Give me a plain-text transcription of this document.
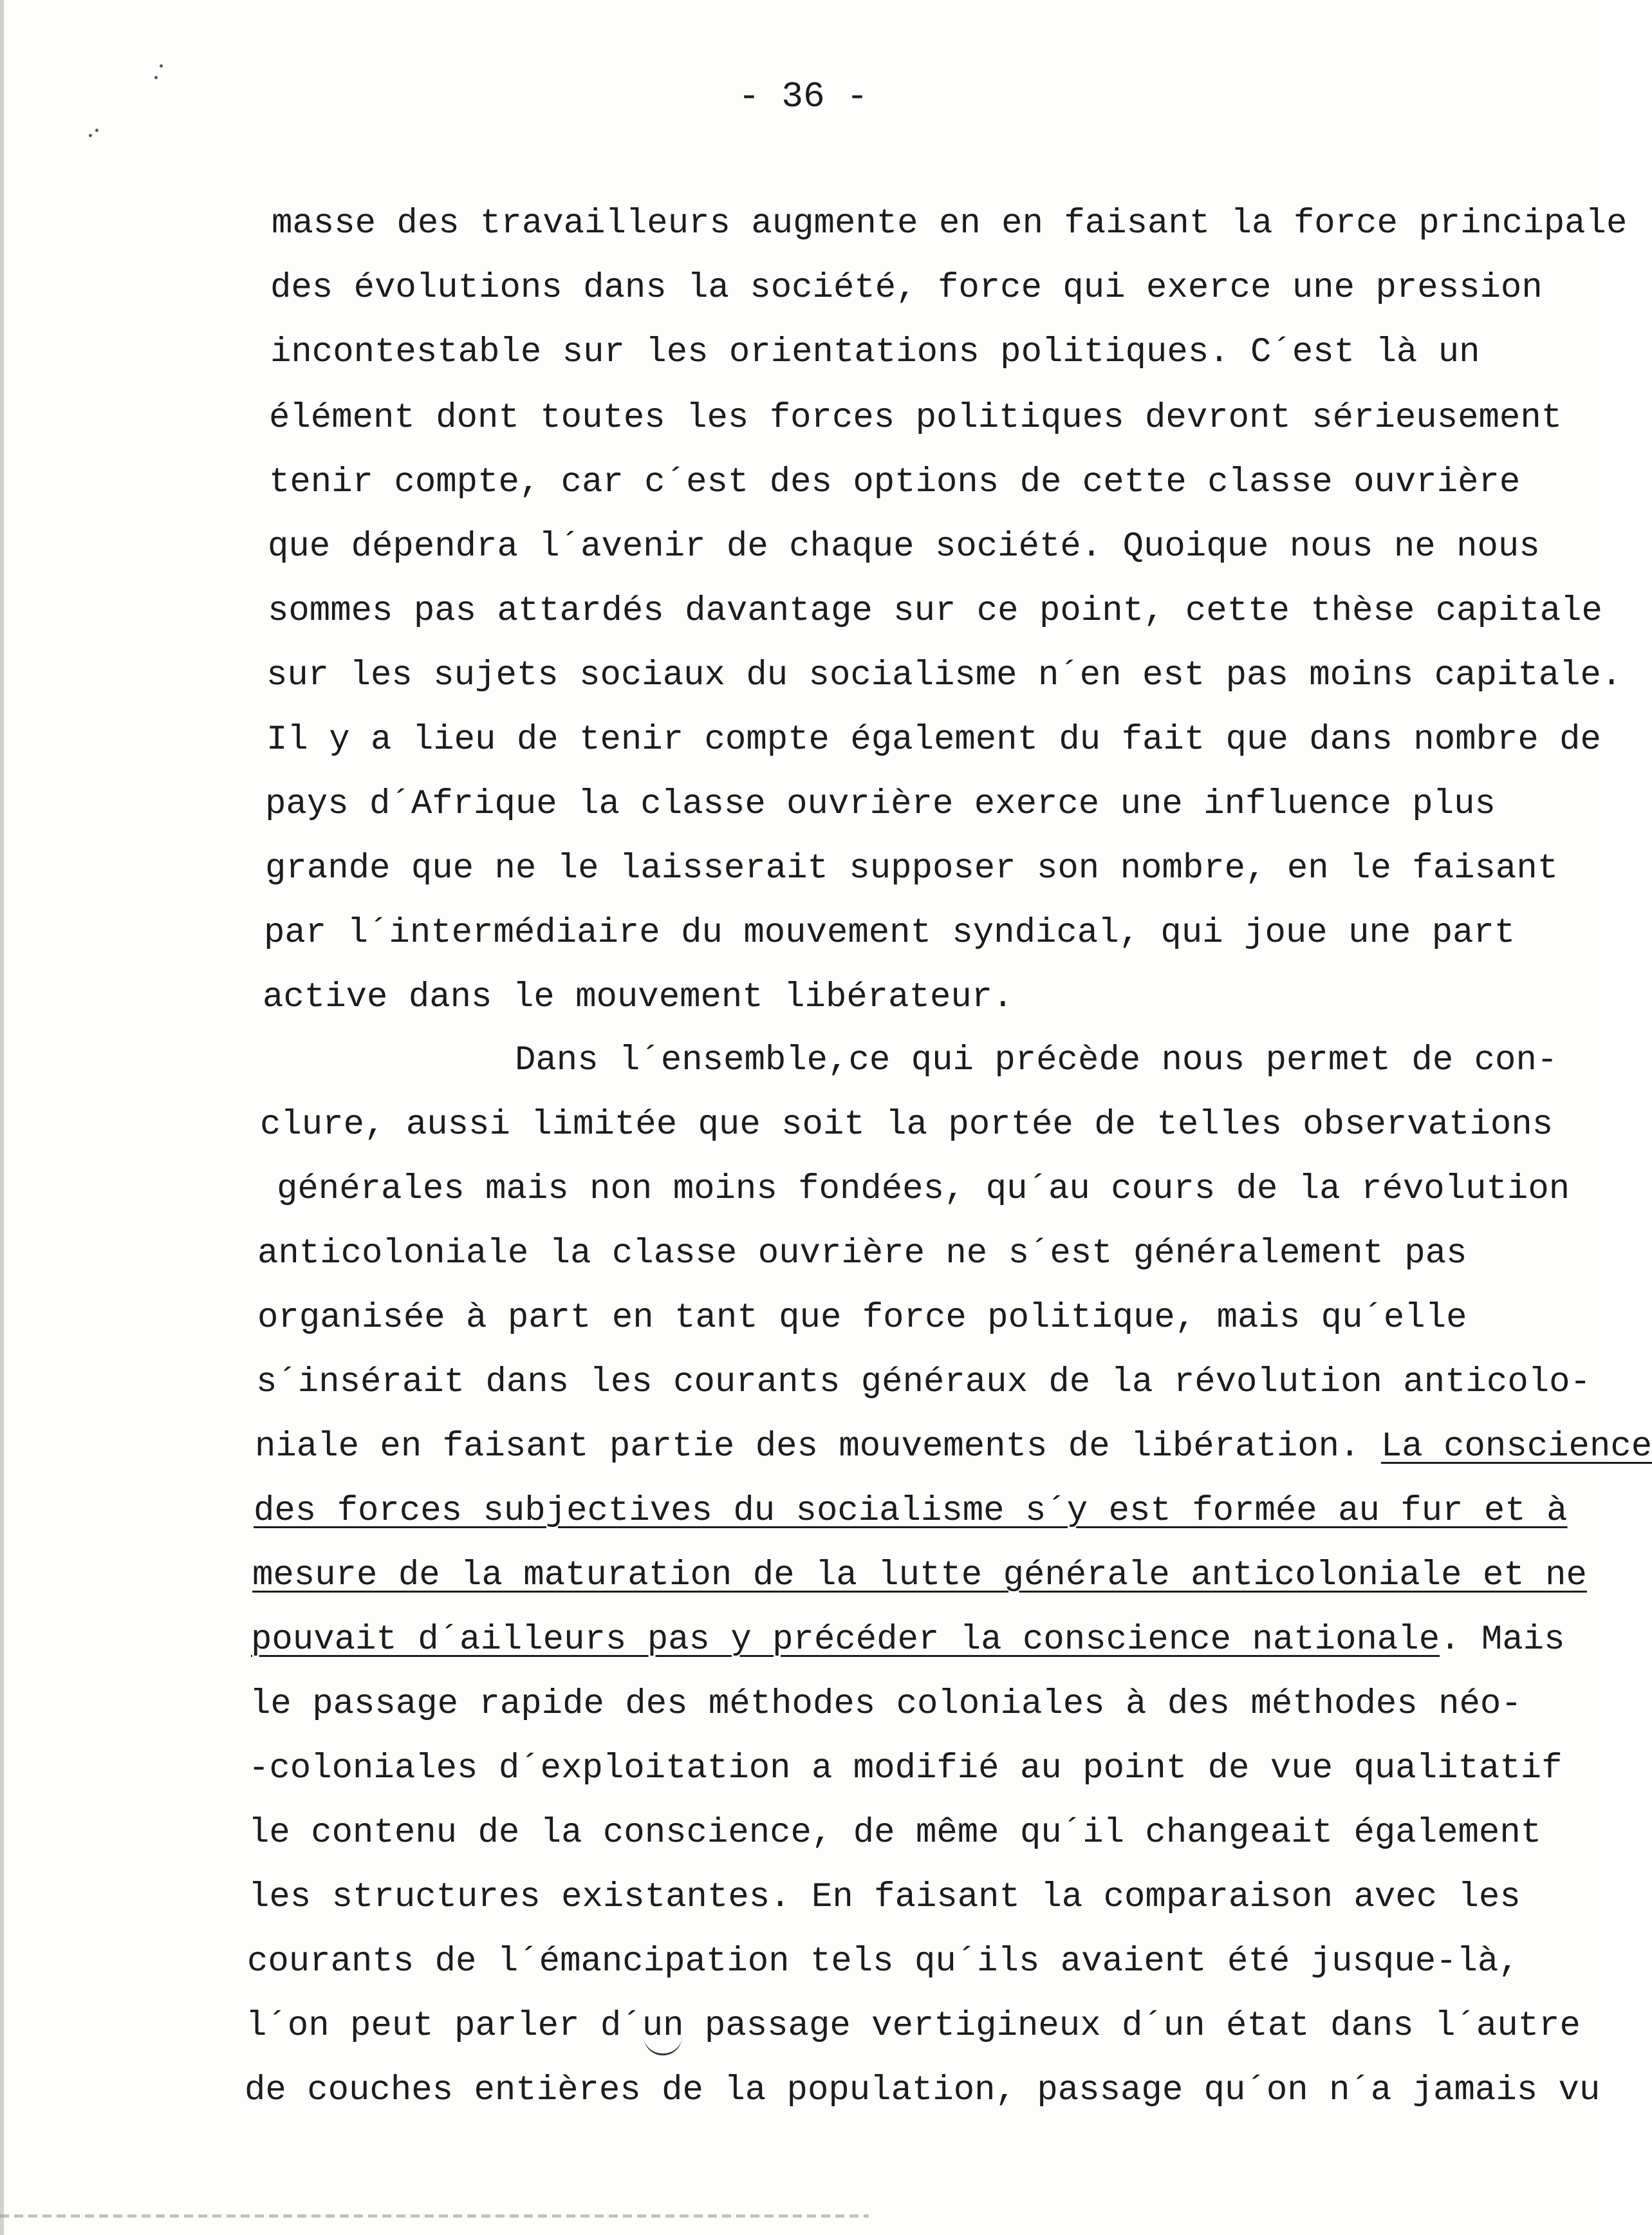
- 36 -

masse des travailleurs augmente en en faisant la force principale

des évolutions dans la société, force qui exerce une pression

incontestable sur les orientations politiques. C´est là un

élément dont toutes les forces politiques devront sérieusement

tenir compte, car c´est des options de cette classe ouvrière

que dépendra l´avenir de chaque société. Quoique nous ne nous

sommes pas attardés davantage sur ce point, cette thèse capitale

sur les sujets sociaux du socialisme n´en est pas moins capitale.

Il y a lieu de tenir compte également du fait que dans nombre de

pays d´Afrique la classe ouvrière exerce une influence plus

grande que ne le laisserait supposer son nombre, en le faisant

par l´intermédiaire du mouvement syndical, qui joue une part

active dans le mouvement libérateur.

Dans l´ensemble,ce qui précède nous permet de con-

clure, aussi limitée que soit la portée de telles observations

générales mais non moins fondées, qu´au cours de la révolution

anticoloniale la classe ouvrière ne s´est généralement pas

organisée à part en tant que force politique, mais qu´elle

s´insérait dans les courants généraux de la révolution anticolo-

niale en faisant partie des mouvements de libération. La conscience

des forces subjectives du socialisme s´y est formée au fur et à

mesure de la maturation de la lutte générale anticoloniale et ne

pouvait d´ailleurs pas y précéder la conscience nationale. Mais

le passage rapide des méthodes coloniales à des méthodes néo-

-coloniales d´exploitation a modifié au point de vue qualitatif

le contenu de la conscience, de même qu´il changeait également

les structures existantes. En faisant la comparaison avec les

courants de l´émancipation tels qu´ils avaient été jusque-là,

l´on peut parler d´un passage vertigineux d´un état dans l´autre

de couches entières de la population, passage qu´on n´a jamais vu
